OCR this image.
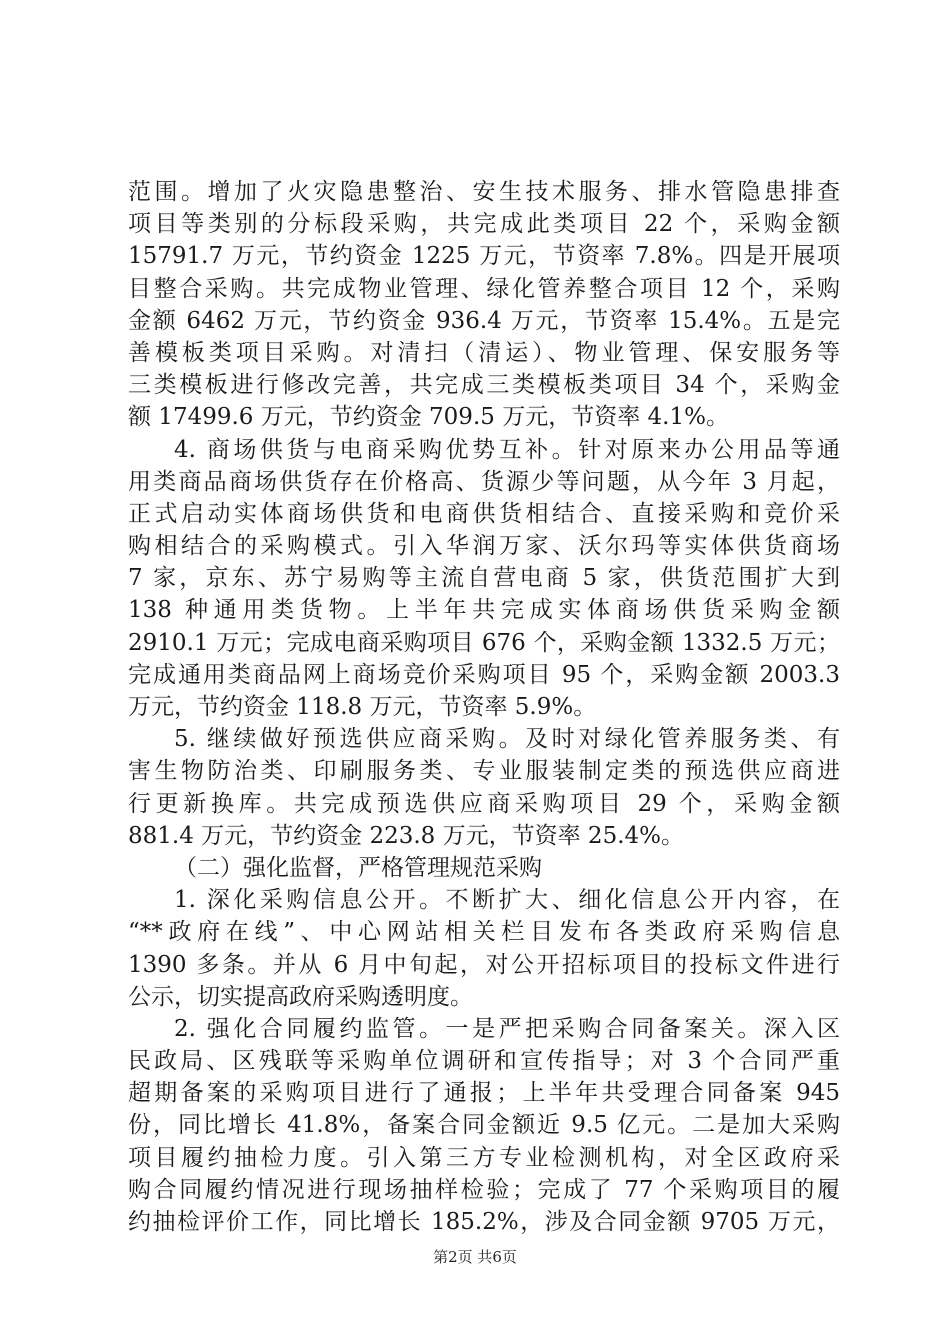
范围。增加了火灾隐患整治、安生技术服务、排水管隐患排查
项目等类别的分标段采购，共完成此类项目 22 个，采购金额
15791.7 万元，节约资金 1225 万元，节资率 7.8%。四是开展项
目整合采购。共完成物业管理、绿化管养整合项目 12 个，采购
金额 6462 万元，节约资金 936.4 万元，节资率 15.4%。五是完
善模板类项目采购。对清扫（清运）、物业管理、保安服务等
三类模板进行修改完善，共完成三类模板类项目 34 个，采购金
额 17499.6 万元，节约资金 709.5 万元，节资率 4.1%。
4. 商场供货与电商采购优势互补。针对原来办公用品等通
用类商品商场供货存在价格高、货源少等问题，从今年 3 月起，
正式启动实体商场供货和电商供货相结合、直接采购和竞价采
购相结合的采购模式。引入华润万家、沃尔玛等实体供货商场
7 家，京东、苏宁易购等主流自营电商 5 家，供货范围扩大到
138 种通用类货物。上半年共完成实体商场供货采购金额
2910.1 万元；完成电商采购项目 676 个，采购金额 1332.5 万元；
完成通用类商品网上商场竞价采购项目 95 个，采购金额 2003.3
万元，节约资金 118.8 万元，节资率 5.9%。
5. 继续做好预选供应商采购。及时对绿化管养服务类、有
害生物防治类、印刷服务类、专业服装制定类的预选供应商进
行更新换库。共完成预选供应商采购项目 29 个，采购金额
881.4 万元，节约资金 223.8 万元，节资率 25.4%。
（二）强化监督，严格管理规范采购
1. 深化采购信息公开。不断扩大、细化信息公开内容，在
“**政府在线”、中心网站相关栏目发布各类政府采购信息
1390 多条。并从 6 月中旬起，对公开招标项目的投标文件进行
公示，切实提高政府采购透明度。
2. 强化合同履约监管。一是严把采购合同备案关。深入区
民政局、区残联等采购单位调研和宣传指导；对 3 个合同严重
超期备案的采购项目进行了通报；上半年共受理合同备案 945
份，同比增长 41.8%，备案合同金额近 9.5 亿元。二是加大采购
项目履约抽检力度。引入第三方专业检测机构，对全区政府采
购合同履约情况进行现场抽样检验；完成了 77 个采购项目的履
约抽检评价工作，同比增长 185.2%，涉及合同金额 9705 万元，
第2页 共6页
